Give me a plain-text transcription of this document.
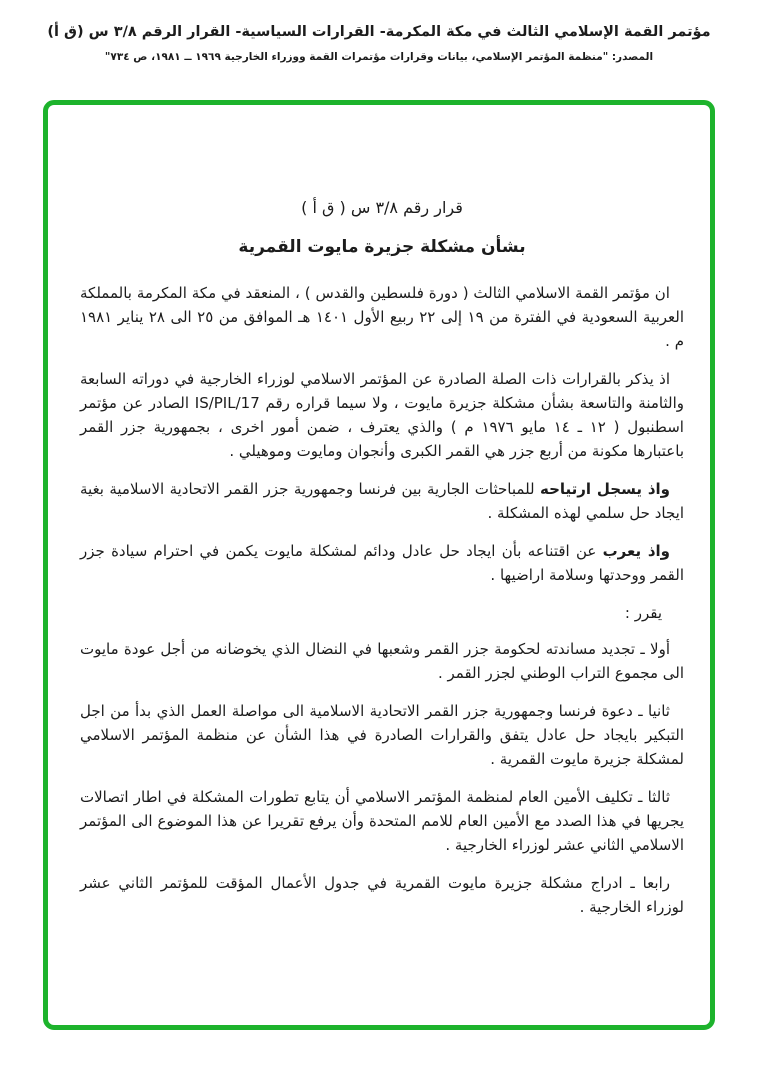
مؤتمر القمة الإسلامي الثالث في مكة المكرمة- القرارات السياسية- القرار الرقم ٣/٨ س (ق أ)
المصدر: "منظمة المؤتمر الإسلامي، بيانات وقرارات مؤتمرات القمة ووزراء الخارجية ١٩٦٩ ــ ١٩٨١، ص ٧٣٤"
قرار رقم ٣/٨ س ( ق أ )
بشأن مشكلة جزيرة مايوت القمرية

ان مؤتمر القمة الاسلامي الثالث ( دورة فلسطين والقدس ) ، المنعقد في مكة المكرمة بالمملكة العربية السعودية في الفترة من ١٩ إلى ٢٢ ربيع الأول ١٤٠١ هـ الموافق من ٢٥ الى ٢٨ يناير ١٩٨١ م .

اذ يذكر بالقرارات ذات الصلة الصادرة عن المؤتمر الاسلامي لوزراء الخارجية في دوراته السابعة والثامنة والتاسعة بشأن مشكلة جزيرة مايوت ، ولا سيما قراره رقم IS/PIL/17 الصادر عن مؤتمر اسطنبول ( ١٢ ـ ١٤ مايو ١٩٧٦ م ) والذي يعترف ، ضمن أمور اخرى ، بجمهورية جزر القمر باعتبارها مكونة من أربع جزر هي القمر الكبرى وأنجوان ومايوت وموهيلي .

واذ يسجل ارتياحه للمباحثات الجارية بين فرنسا وجمهورية جزر القمر الاتحادية الاسلامية بغية ايجاد حل سلمي لهذه المشكلة .

واذ يعرب عن اقتناعه بأن ايجاد حل عادل ودائم لمشكلة مايوت يكمن في احترام سيادة جزر القمر ووحدتها وسلامة اراضيها .

يقرر :

أولا ـ تجديد مساندته لحكومة جزر القمر وشعبها في النضال الذي يخوضانه من أجل عودة مايوت الى مجموع التراب الوطني لجزر القمر .

ثانيا ـ دعوة فرنسا وجمهورية جزر القمر الاتحادية الاسلامية الى مواصلة العمل الذي بدأ من اجل التبكير بايجاد حل عادل يتفق والقرارات الصادرة في هذا الشأن عن منظمة المؤتمر الاسلامي لمشكلة جزيرة مايوت القمرية .

ثالثا ـ تكليف الأمين العام لمنظمة المؤتمر الاسلامي أن يتابع تطورات المشكلة في اطار اتصالات يجريها في هذا الصدد مع الأمين العام للامم المتحدة وأن يرفع تقريرا عن هذا الموضوع الى المؤتمر الاسلامي الثاني عشر لوزراء الخارجية .

رابعا ـ ادراج مشكلة جزيرة مايوت القمرية في جدول الأعمال المؤقت للمؤتمر الثاني عشر لوزراء الخارجية .
